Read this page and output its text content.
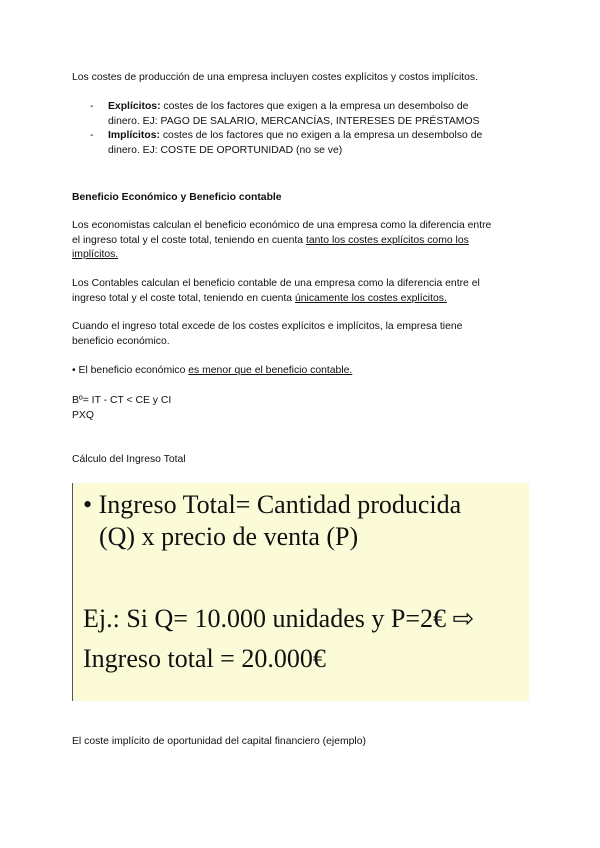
Los costes de producción de una empresa incluyen costes explícitos y costos implícitos.

- Explícitos: costes de los factores que exigen a la empresa un desembolso de
dinero. EJ: PAGO DE SALARIO, MERCANCÍAS, INTERESES DE PRÉSTAMOS
- Implícitos: costes de los factores que no exigen a la empresa un desembolso de
dinero. EJ: COSTE DE OPORTUNIDAD (no se ve)

Beneficio Económico y Beneficio contable

Los economistas calculan el beneficio económico de una empresa como la diferencia entre
el ingreso total y el coste total, teniendo en cuenta tanto los costes explícitos como los
implícitos.

Los Contables calculan el beneficio contable de una empresa como la diferencia entre el
ingreso total y el coste total, teniendo en cuenta únicamente los costes explícitos.

Cuando el ingreso total excede de los costes explícitos e implícitos, la empresa tiene
beneficio económico.

• El beneficio económico es menor que el beneficio contable.

Bº= IT - CT < CE y CI
PXQ

Cálculo del Ingreso Total

El coste implícito de oportunidad del capital financiero (ejemplo)

• Ingreso Total= Cantidad producida
(Q) x precio de venta (P)
Ej.: Si Q= 10.000 unidades y P=2€ ⇨
Ingreso total = 20.000€
